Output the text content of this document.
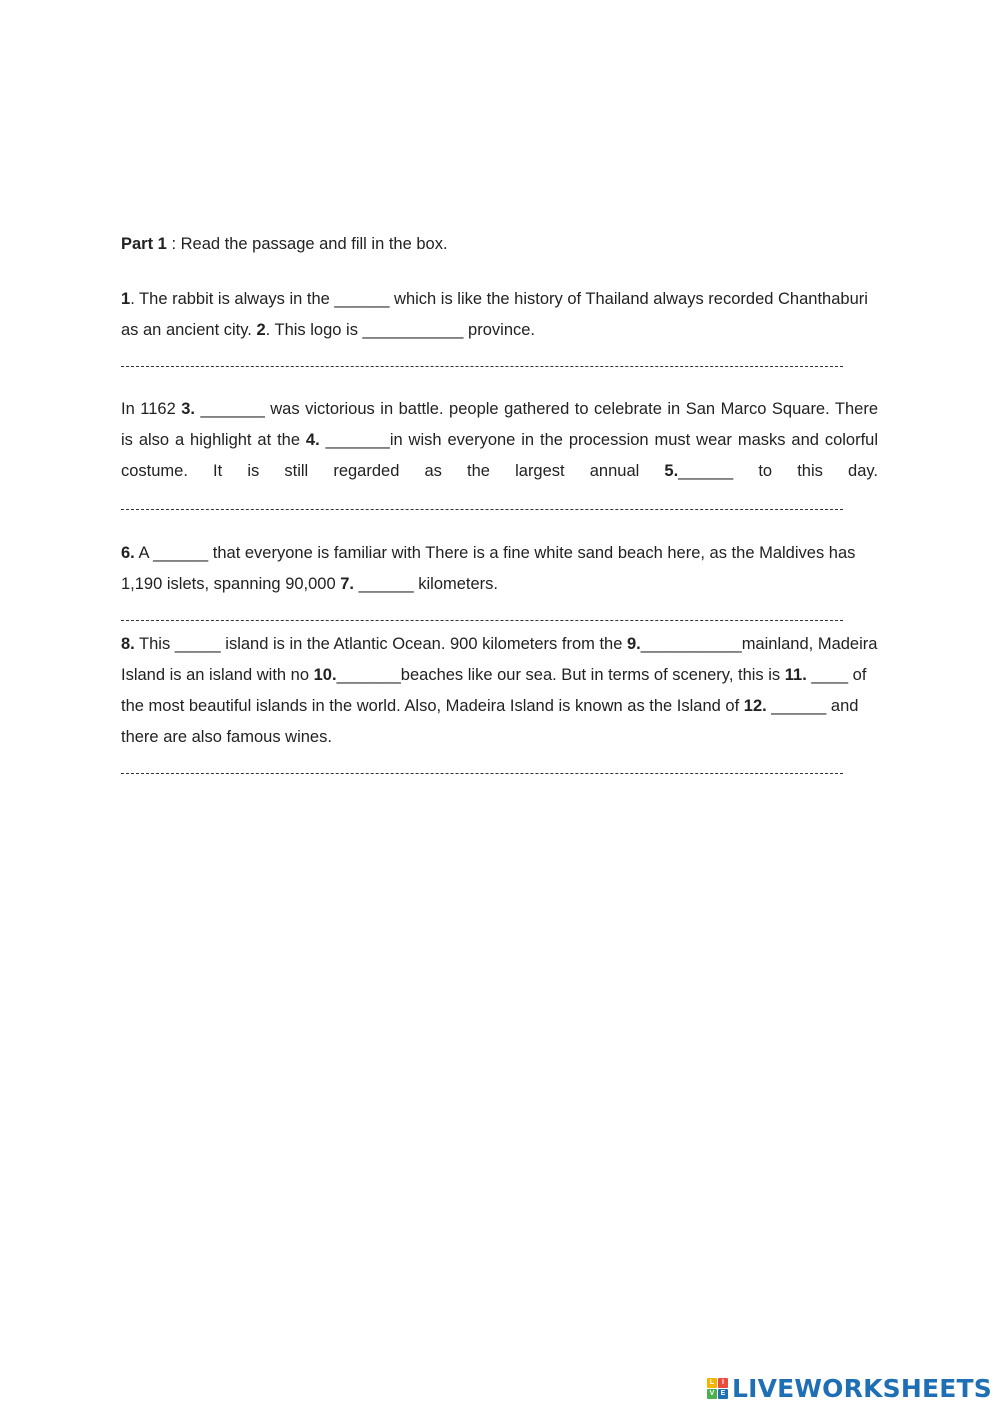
Part 1 : Read the passage and fill in the box.

1. The rabbit is always in the ______ which is like the history of Thailand always recorded Chanthaburi as an ancient city. 2. This logo is ___________ province.

In 1162 3. _______ was victorious in battle. people gathered to celebrate in San Marco Square. There is also a highlight at the 4. _______in wish everyone in the procession must wear masks and colorful costume. It is still regarded as the largest annual 5.______ to this day.

6. A ______ that everyone is familiar with There is a fine white sand beach here, as the Maldives has 1,190 islets, spanning 90,000 7. ______ kilometers.

8. This _____ island is in the Atlantic Ocean. 900 kilometers from the 9.___________mainland, Madeira Island is an island with no 10._______beaches like our sea. But in terms of scenery, this is 11. ____ of the most beautiful islands in the world. Also, Madeira Island is known as the Island of 12. ______ and there are also famous wines.

L	I
V E LIVEWORKSHEETS
